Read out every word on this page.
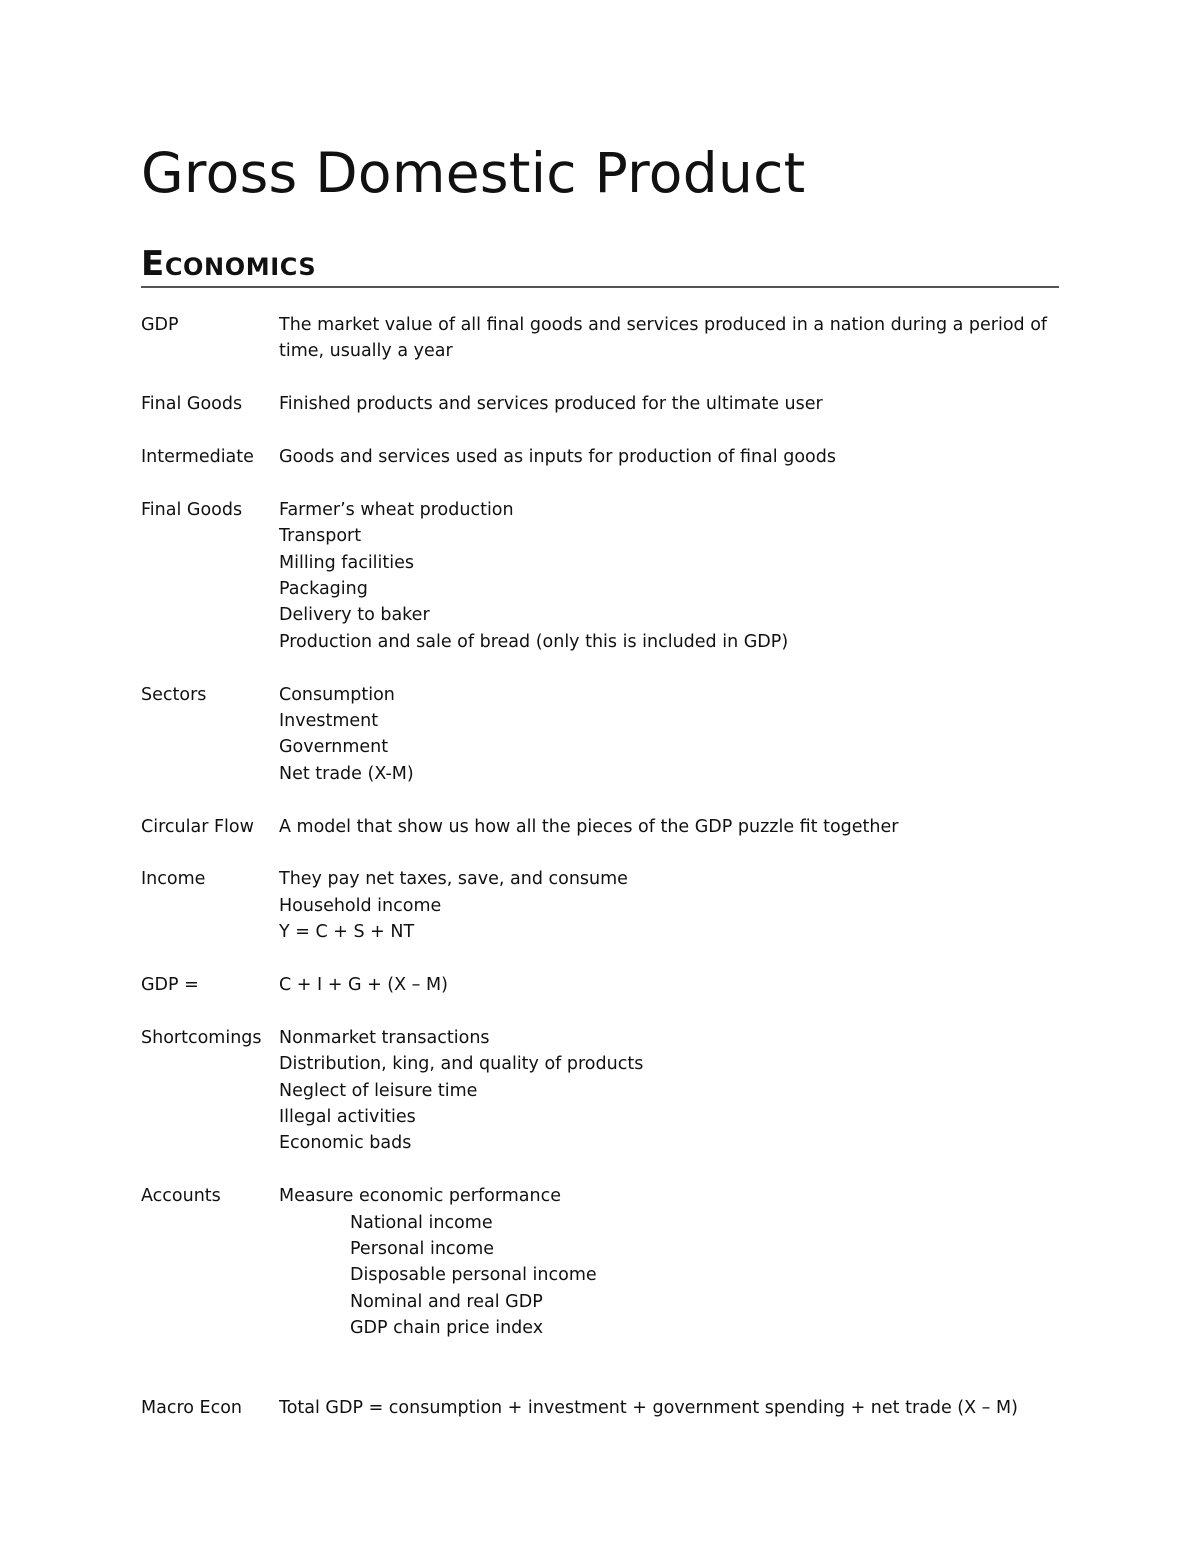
Gross Domestic Product
Economics
GDP	The market value of all final goods and services produced in a nation during a period of
time, usually a year
Final Goods	Finished products and services produced for the ultimate user
Intermediate	Goods and services used as inputs for production of final goods
Final Goods	Farmer’s wheat production
Transport
Milling facilities
Packaging
Delivery to baker
Production and sale of bread (only this is included in GDP)
Sectors	Consumption
Investment
Government
Net trade (X-M)
Circular Flow	A model that show us how all the pieces of the GDP puzzle fit together
Income	They pay net taxes, save, and consume
Household income
Y = C + S + NT
GDP =	C + I + G + (X – M)
Shortcomings Nonmarket transactions
Distribution, king, and quality of products
Neglect of leisure time
Illegal activities
Economic bads
Accounts	Measure economic performance
National income
Personal income
Disposable personal income
Nominal and real GDP
GDP chain price index
Macro Econ	Total GDP = consumption + investment + government spending + net trade (X – M)
